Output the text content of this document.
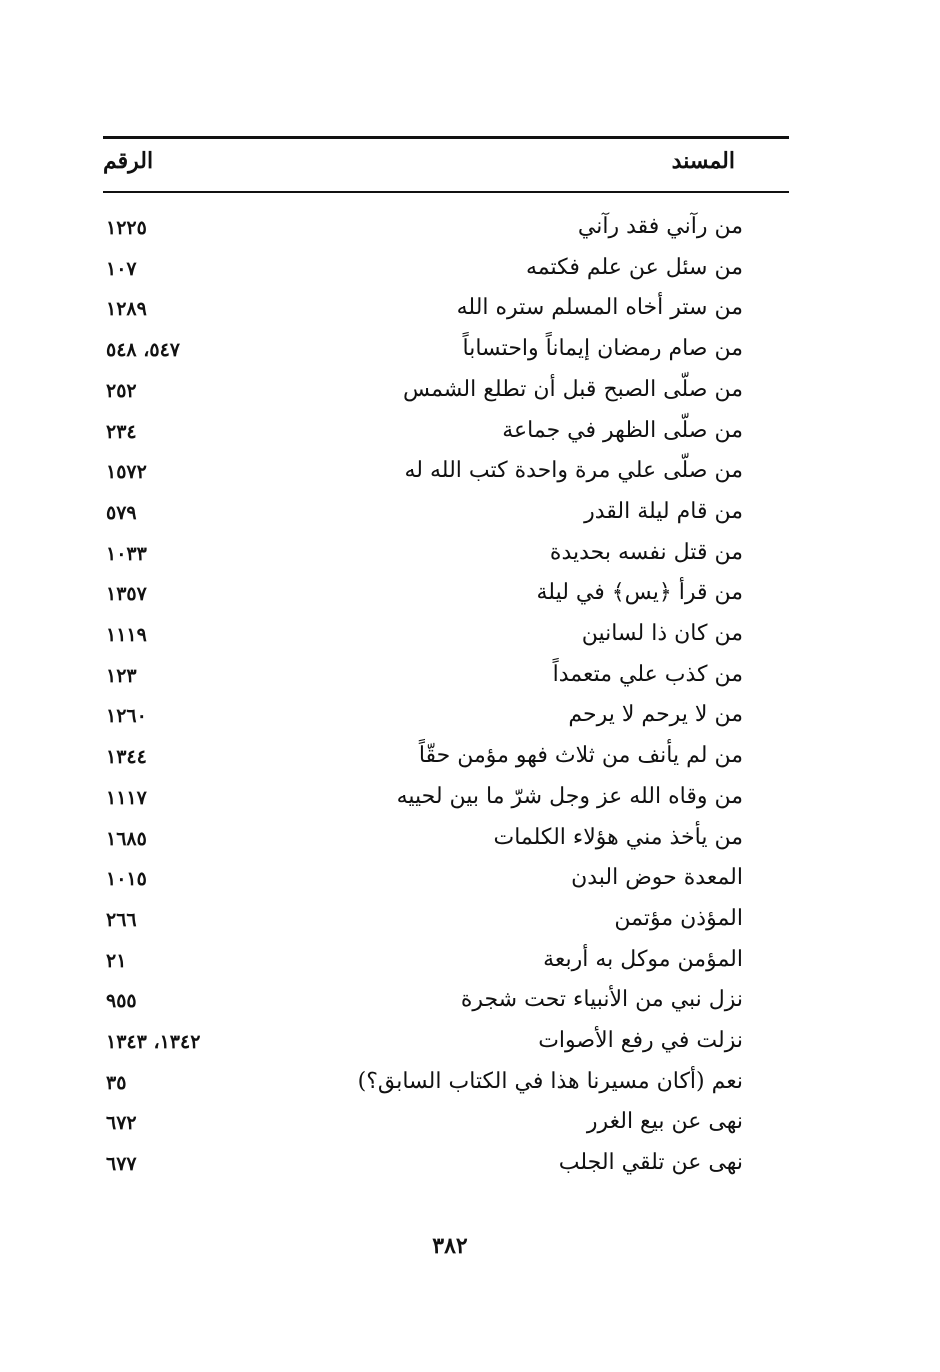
المسند
الرقم
من رآني فقد رآني
١٢٢٥
من سئل عن علم فكتمه
١٠٧
من ستر أخاه المسلم ستره الله
١٢٨٩
من صام رمضان إيماناً واحتساباً
٥٤٧، ٥٤٨
من صلّى الصبح قبل أن تطلع الشمس
٢٥٢
من صلّى الظهر في جماعة
٢٣٤
من صلّى علي مرة واحدة كتب الله له
١٥٧٢
من قام ليلة القدر
٥٧٩
من قتل نفسه بحديدة
١٠٣٣
من قرأ ﴿يس﴾ في ليلة
١٣٥٧
من كان ذا لسانين
١١١٩
من كذب علي متعمداً
١٢٣
من لا يرحم لا يرحم
١٢٦٠
من لم يأنف من ثلاث فهو مؤمن حقّاً
١٣٤٤
من وقاه الله عز وجل شرّ ما بين لحييه
١١١٧
من يأخذ مني هؤلاء الكلمات
١٦٨٥
المعدة حوض البدن
١٠١٥
المؤذن مؤتمن
٢٦٦
المؤمن موكل به أربعة
٢١
نزل نبي من الأنبياء تحت شجرة
٩٥٥
نزلت في رفع الأصوات
١٣٤٢، ١٣٤٣
نعم (أكان مسيرنا هذا في الكتاب السابق؟)
٣٥
نهى عن بيع الغرر
٦٧٢
نهى عن تلقي الجلب
٦٧٧
٣٨٢
